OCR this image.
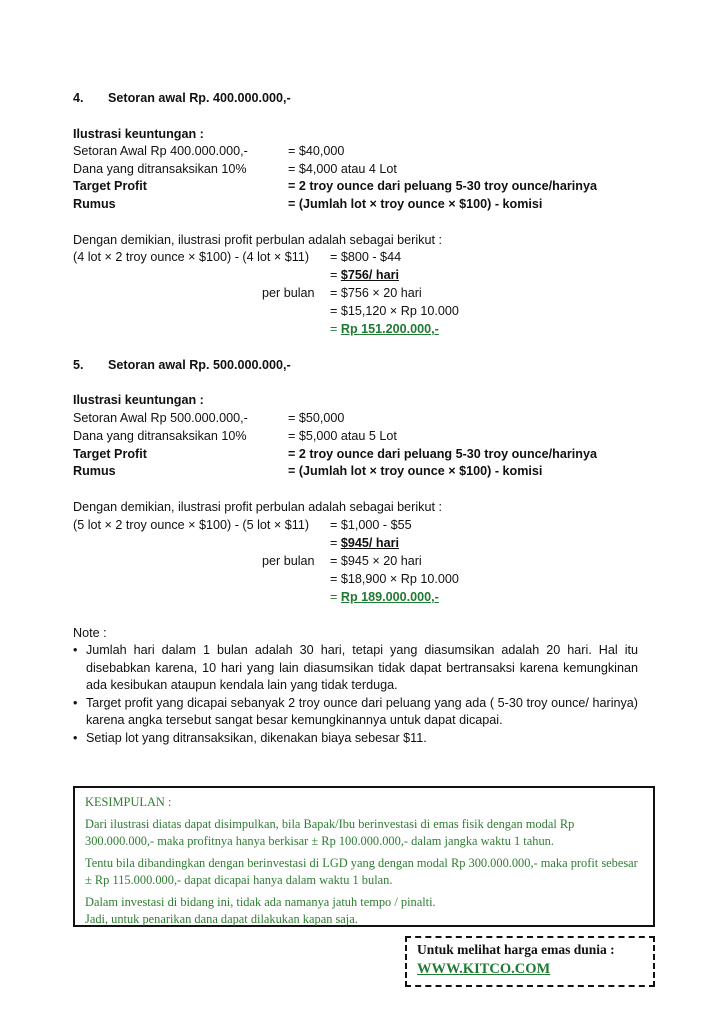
4. Setoran awal Rp. 400.000.000,-
Ilustrasi keuntungan :
Setoran Awal Rp 400.000.000,-	= $40,000
Dana yang ditransaksikan 10%	= $4,000 atau 4 Lot
Target Profit	= 2 troy ounce dari peluang 5-30 troy ounce/harinya
Rumus	= (Jumlah lot × troy ounce × $100) - komisi
Dengan demikian, ilustrasi profit perbulan adalah sebagai berikut :
(4 lot × 2 troy ounce × $100) - (4 lot × $11) = $800 - $44
= $756/ hari
per bulan = $756 × 20 hari
= $15,120 × Rp 10.000
= Rp 151.200.000,-
5. Setoran awal Rp. 500.000.000,-
Ilustrasi keuntungan :
Setoran Awal Rp 500.000.000,-	= $50,000
Dana yang ditransaksikan 10%	= $5,000 atau 5 Lot
Target Profit	= 2 troy ounce dari peluang 5-30 troy ounce/harinya
Rumus	= (Jumlah lot × troy ounce × $100) - komisi
Dengan demikian, ilustrasi profit perbulan adalah sebagai berikut :
(5 lot × 2 troy ounce × $100) - (5 lot × $11) = $1,000 - $55
= $945/ hari
per bulan = $945 × 20 hari
= $18,900 × Rp 10.000
= Rp 189.000.000,-
Note :
• Jumlah hari dalam 1 bulan adalah 30 hari, tetapi yang diasumsikan adalah 20 hari. Hal itu disebabkan karena, 10 hari yang lain diasumsikan tidak dapat bertransaksi karena kemungkinan ada kesibukan ataupun kendala lain yang tidak terduga.
• Target profit yang dicapai sebanyak 2 troy ounce dari peluang yang ada ( 5-30 troy ounce/ harinya) karena angka tersebut sangat besar kemungkinannya untuk dapat dicapai.
• Setiap lot yang ditransaksikan, dikenakan biaya sebesar $11.

KESIMPULAN :

Dari ilustrasi diatas dapat disimpulkan, bila Bapak/Ibu berinvestasi di emas fisik dengan modal Rp 300.000.000,- maka profitnya hanya berkisar ± Rp 100.000.000,- dalam jangka waktu 1 tahun.

Tentu bila dibandingkan dengan berinvestasi di LGD yang dengan modal Rp 300.000.000,- maka profit sebesar ± Rp 115.000.000,- dapat dicapai hanya dalam waktu 1 bulan.

Dalam investasi di bidang ini, tidak ada namanya jatuh tempo / pinalti.
Jadi, untuk penarikan dana dapat dilakukan kapan saja.

Untuk melihat harga emas dunia :
WWW.KITCO.COM
